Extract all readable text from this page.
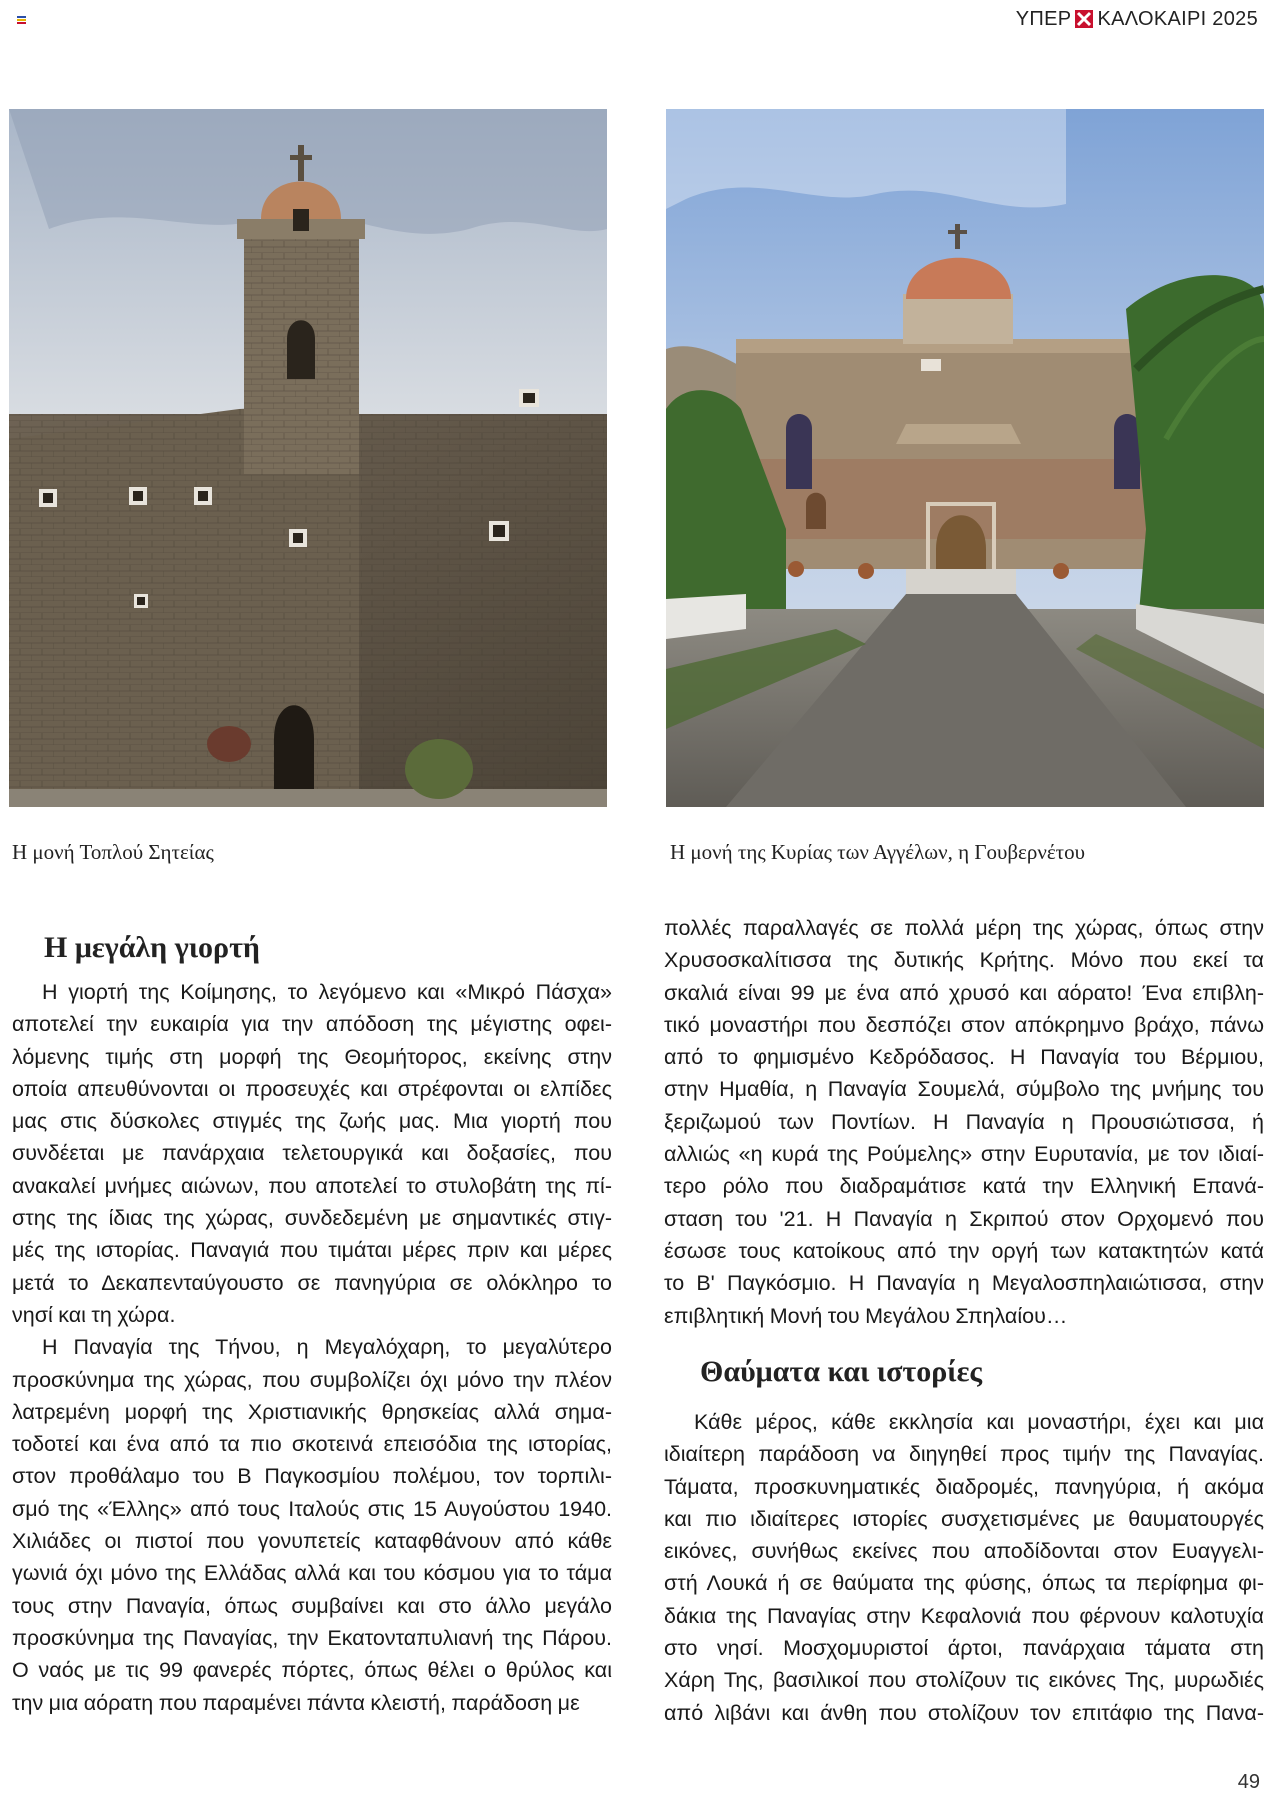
ΥΠΕΡ ΚΑΛΟΚΑΙΡΙ 2025
Η μονή Τοπλού Σητείας	Η μονή της Κυρίας των Αγγέλων, η Γουβερνέτου
Η μεγάλη γιορτή
Η γιορτή της Κοίμησης, το λεγόμενο και «Μικρό Πάσχα»
αποτελεί την ευκαιρία για την απόδοση της μέγιστης οφει-
λόμενης τιμής στη μορφή της Θεομήτορος, εκείνης στην
οποία απευθύνονται οι προσευχές και στρέφονται οι ελπίδες
μας στις δύσκολες στιγμές της ζωής μας. Μια γιορτή που
συνδέεται με πανάρχαια τελετουργικά και δοξασίες, που
ανακαλεί μνήμες αιώνων, που αποτελεί το στυλοβάτη της πί-
στης της ίδιας της χώρας, συνδεδεμένη με σημαντικές στιγ-
μές της ιστορίας. Παναγιά που τιμάται μέρες πριν και μέρες
μετά το Δεκαπενταύγουστο σε πανηγύρια σε ολόκληρο το
νησί και τη χώρα.
Η Παναγία της Τήνου, η Μεγαλόχαρη, το μεγαλύτερο
προσκύνημα της χώρας, που συμβολίζει όχι μόνο την πλέον
λατρεμένη μορφή της Χριστιανικής θρησκείας αλλά σημα-
τοδοτεί και ένα από τα πιο σκοτεινά επεισόδια της ιστορίας,
στον προθάλαμο του Β Παγκοσμίου πολέμου, τον τορπιλι-
σμό της «Έλλης» από τους Ιταλούς στις 15 Αυγούστου 1940.
Χιλιάδες οι πιστοί που γονυπετείς καταφθάνουν από κάθε
γωνιά όχι μόνο της Ελλάδας αλλά και του κόσμου για το τάμα
τους στην Παναγία, όπως συμβαίνει και στο άλλο μεγάλο
προσκύνημα της Παναγίας, την Εκατονταπυλιανή της Πάρου.
Ο ναός με τις 99 φανερές πόρτες, όπως θέλει ο θρύλος και
την μια αόρατη που παραμένει πάντα κλειστή, παράδοση με
πολλές παραλλαγές σε πολλά μέρη της χώρας, όπως στην
Χρυσοσκαλίτισσα της δυτικής Κρήτης. Μόνο που εκεί τα
σκαλιά είναι 99 με ένα από χρυσό και αόρατο! Ένα επιβλη-
τικό μοναστήρι που δεσπόζει στον απόκρημνο βράχο, πάνω
από το φημισμένο Κεδρόδασος. Η Παναγία του Βέρμιου,
στην Ημαθία, η Παναγία Σουμελά, σύμβολο της μνήμης του
ξεριζωμού των Ποντίων. Η Παναγία η Προυσιώτισσα, ή
αλλιώς «η κυρά της Ρούμελης» στην Ευρυτανία, με τον ιδιαί-
τερο ρόλο που διαδραμάτισε κατά την Ελληνική Επανά-
σταση του '21. Η Παναγία η Σκριπού στον Ορχομενό που
έσωσε τους κατοίκους από την οργή των κατακτητών κατά
το Β' Παγκόσμιο. Η Παναγία η Μεγαλοσπηλαιώτισσα, στην
επιβλητική Μονή του Μεγάλου Σπηλαίου…
Θαύματα και ιστορίες
Κάθε μέρος, κάθε εκκλησία και μοναστήρι, έχει και μια
ιδιαίτερη παράδοση να διηγηθεί προς τιμήν της Παναγίας.
Τάματα, προσκυνηματικές διαδρομές, πανηγύρια, ή ακόμα
και πιο ιδιαίτερες ιστορίες συσχετισμένες με θαυματουργές
εικόνες, συνήθως εκείνες που αποδίδονται στον Ευαγγελι-
στή Λουκά ή σε θαύματα της φύσης, όπως τα περίφημα φι-
δάκια της Παναγίας στην Κεφαλονιά που φέρνουν καλοτυχία
στο νησί. Μοσχομυριστοί άρτοι, πανάρχαια τάματα στη
Χάρη Της, βασιλικοί που στολίζουν τις εικόνες Της, μυρωδιές
από λιβάνι και άνθη που στολίζουν τον επιτάφιο της Πανα-
49
